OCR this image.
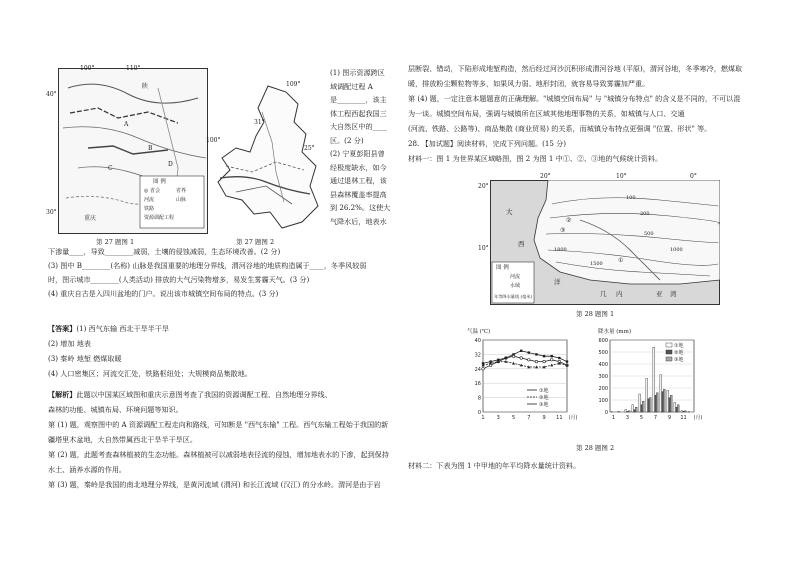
100°	110°
40°
陕
A
B
C
D
重庆
30°
图 例
◎ 省会	省界
河流	山脉
铁路
资源调配工程
第 27 题图 1
109°
31°
100°
25°
第 27 题图 2
(1) 图示资源跨区
域调配过程 A
是________，该主
体工程西起我国三
大自然区中的____
区。(2 分)
(2) 宁夏彭阳县曾
经极度缺水，如今
通过退林工程，该
县森林覆盖率提高
到 26.2%。这使大
气降水后，地表水
下渗量____，导致________减弱，土壤的侵蚀减弱，生态环境改善。(2 分)
(3) 图中 B________(名称) 山脉是我国重要的地理分界线，渭河谷地的地质构造属于____，冬季风较弱
时，图示城市________(人类活动) 排放的大气污染物增多，易发生雾霾天气。(3 分)
(4) 重庆自古是入四川盆地的门户。说出该市城镇空间布局的特点。(3 分)
【答案】(1) 西气东输 西北干旱半干旱
(2) 增加 地表
(3) 秦岭 地堑 燃煤取暖
(4) 人口密集区；河流交汇处，铁路枢纽处；大规模商品集散地。
【解析】此题以中国某区域图和重庆示意图考查了我国的资源调配工程、自然地理分界线、
森林的功能、城镇布局、环境问题等知识。
第 (1) 题，观察图中的 A 资源调配工程走向和路线，可知断是 "西气东输" 工程。西气东输工程始于我国的新
疆塔里木盆地，大自然带属西北干旱半干旱区。
第 (2) 题，此题考查森林植被的生态功能。森林植被可以减弱地表径流的侵蚀，增加地表水的下渗，起到保持
水土、涵养水源的作用。
第 (3) 题，秦岭是我国的南北地理分界线，是黄河流域 (渭河) 和长江流域 (汉江) 的分水岭。渭河是由于岩
层断裂、错动，下陷形成地堑构造，然后经过河沙沉积形成渭河谷地 (平原)，渭河谷地，冬季寒冷，燃煤取
暖，排放粉尘颗粒物等多，如果风力弱、地形封闭，就容易导致雾霾加严重。
第 (4) 题，一定注意本题题意的正确理解。"城镇空间布局" 与 "城镇分布特点" 的含义是不同的，不可以混
为一谈。城镇空间布局，强调与城镇所在区域其他地理事物的关系，如城镇与人口、交通
(河流、铁路、公路等)、商品集散 (商业贸易) 的关系，而城镇分布特点更强调 "位置、形状" 等。
28. 【加试题】阅读材料，完成下列问题。(15 分)
材料一：图 1 为世界某区域略图，图 2 为图 1 中①、②、③地的气候统计资料。
20°	10°	0°
20°
10°
大
西
洋
几 内	亚 湾
100
200
500
1000
1500
1800
①
②
③
图 例
河流
水域
年等降水量线 (毫米)
第 28 题图 1
气温 (℃)
0
8
16
24
32
40
1 3 5 7 9 11 (月)
①地
②地
③地
降水量 (mm)
0
100
200
300
400
500
600
①地
②地
③地
1 3 5 7 9 11 (月)
第 28 题图 2
材料二：下表为图 1 中甲地的年平均降水量统计资料。
